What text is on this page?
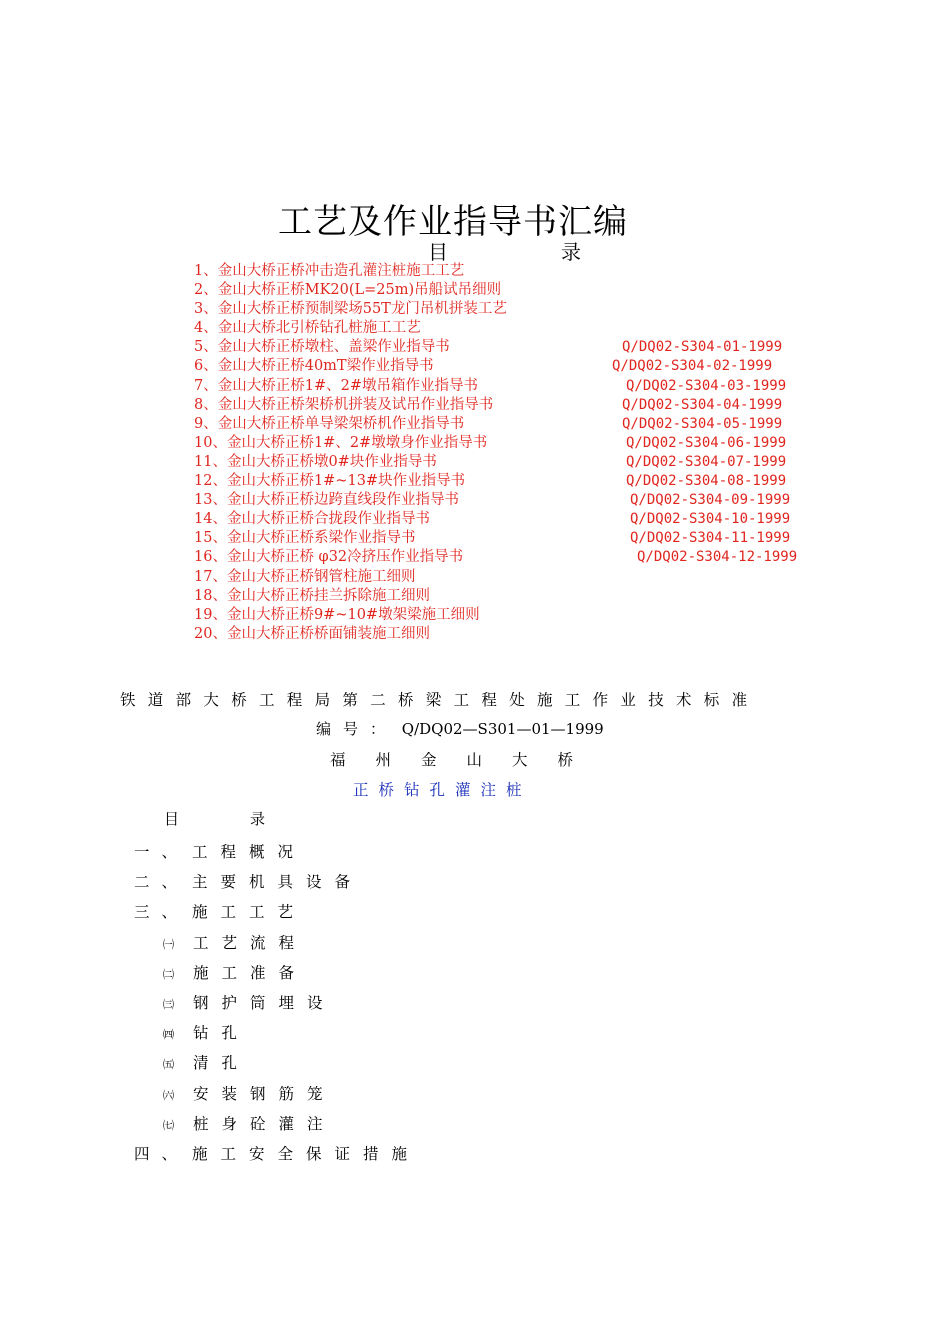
工艺及作业指导书汇编
目	录
1、金山大桥正桥冲击造孔灌注桩施工工艺
2、金山大桥正桥MK20(L=25m)吊船试吊细则
3、金山大桥正桥预制梁场55T龙门吊机拼装工艺
4、金山大桥北引桥钻孔桩施工工艺
5、金山大桥正桥墩柱、盖梁作业指导书	Q/DQ02-S304-01-1999
6、金山大桥正桥40mT梁作业指导书	Q/DQ02-S304-02-1999
7、金山大桥正桥1#、2#墩吊箱作业指导书	Q/DQ02-S304-03-1999
8、金山大桥正桥架桥机拼装及试吊作业指导书	Q/DQ02-S304-04-1999
9、金山大桥正桥单导梁架桥机作业指导书	Q/DQ02-S304-05-1999
10、金山大桥正桥1#、2#墩墩身作业指导书	Q/DQ02-S304-06-1999
11、金山大桥正桥墩0#块作业指导书	Q/DQ02-S304-07-1999
12、金山大桥正桥1#~13#块作业指导书	Q/DQ02-S304-08-1999
13、金山大桥正桥边跨直线段作业指导书	Q/DQ02-S304-09-1999
14、金山大桥正桥合拢段作业指导书	Q/DQ02-S304-10-1999
15、金山大桥正桥系梁作业指导书	Q/DQ02-S304-11-1999
16、金山大桥正桥 φ32冷挤压作业指导书	Q/DQ02-S304-12-1999
17、金山大桥正桥钢管柱施工细则
18、金山大桥正桥挂兰拆除施工细则
19、金山大桥正桥9#~10#墩架梁施工细则
20、金山大桥正桥桥面铺装施工细则
铁道部大桥工程局第二桥梁工程处施工作业技术标准
编号： Q/DQ02—S301—01—1999
福州金山大桥
正桥钻孔灌注桩
目	录
一、 工程概况
二、 主要机具设备
三、 施工工艺
㈠ 工艺流程
㈡ 施工准备
㈢ 钢护筒埋设
㈣ 钻孔
㈤ 清孔
㈥ 安装钢筋笼
㈦ 桩身砼灌注
四、 施工安全保证措施
